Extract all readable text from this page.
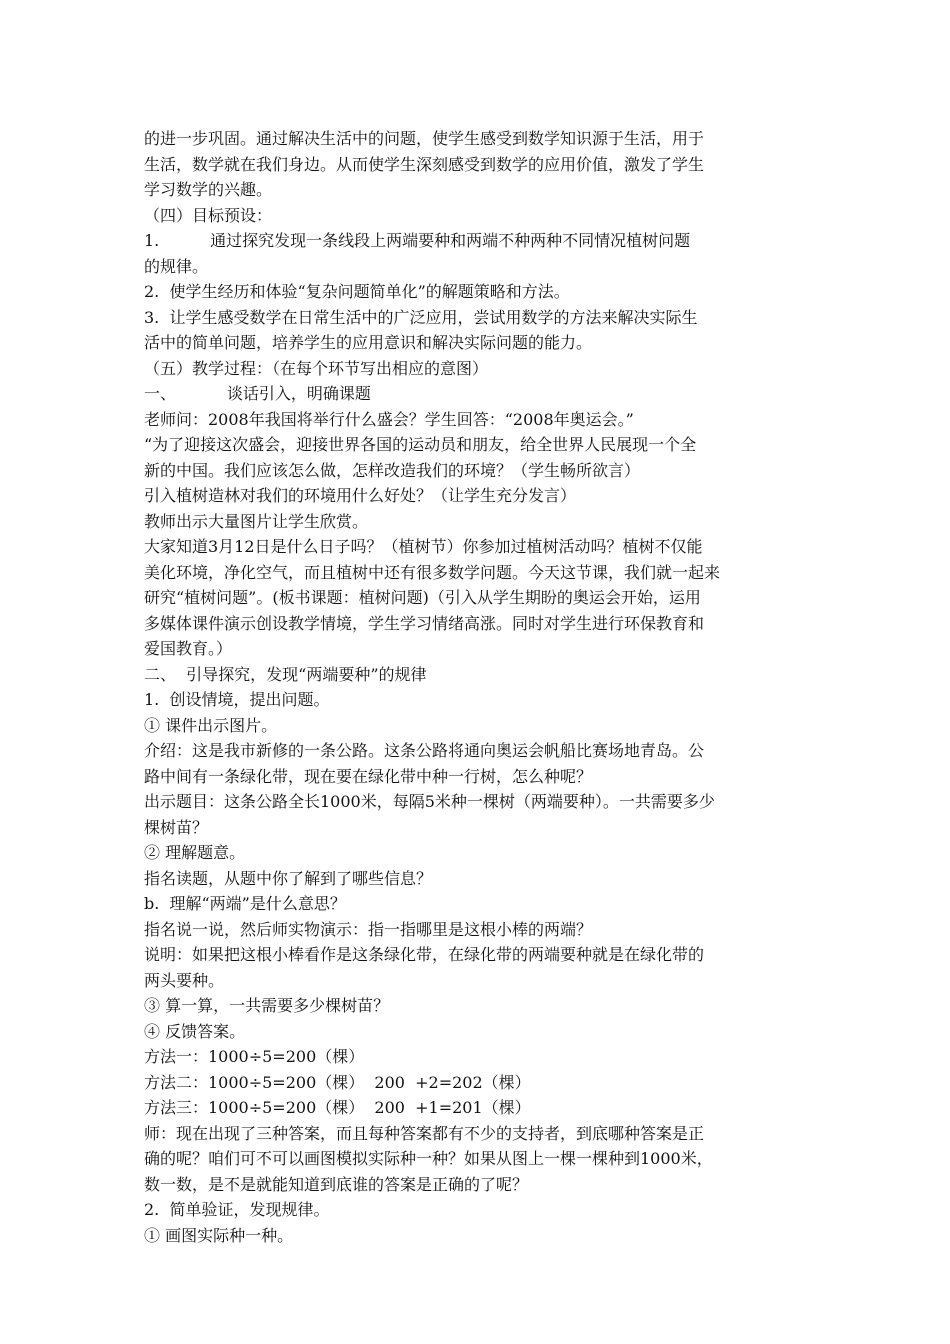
的进一步巩固。通过解决生活中的问题，使学生感受到数学知识源于生活，用于
生活，数学就在我们身边。从而使学生深刻感受到数学的应用价值，激发了学生
学习数学的兴趣。
（四）目标预设：
1.          通过探究发现一条线段上两端要种和两端不种两种不同情况植树问题
的规律。
2.  使学生经历和体验“复杂问题简单化”的解题策略和方法。
3.  让学生感受数学在日常生活中的广泛应用，尝试用数学的方法来解决实际生
活中的简单问题，培养学生的应用意识和解决实际问题的能力。
（五）教学过程：（在每个环节写出相应的意图）
一、          谈话引入，明确课题
老师问：2008年我国将举行什么盛会？学生回答：“2008年奥运会。”
“为了迎接这次盛会，迎接世界各国的运动员和朋友，给全世界人民展现一个全
新的中国。我们应该怎么做，怎样改造我们的环境？（学生畅所欲言）
引入植树造林对我们的环境用什么好处？（让学生充分发言）
教师出示大量图片让学生欣赏。
大家知道3月12日是什么日子吗？（植树节）你参加过植树活动吗？植树不仅能
美化环境，净化空气，而且植树中还有很多数学问题。今天这节课，我们就一起来
研究“植树问题”。(板书课题：植树问题)（引入从学生期盼的奥运会开始，运用
多媒体课件演示创设教学情境，学生学习情绪高涨。同时对学生进行环保教育和
爱国教育。）
二、  引导探究，发现“两端要种”的规律
1.  创设情境，提出问题。
① 课件出示图片。
介绍：这是我市新修的一条公路。这条公路将通向奥运会帆船比赛场地青岛。公
路中间有一条绿化带，现在要在绿化带中种一行树，怎么种呢？
出示题目：这条公路全长1000米，每隔5米种一棵树（两端要种）。一共需要多少
棵树苗？
② 理解题意。
指名读题，从题中你了解到了哪些信息？
b.  理解“两端”是什么意思？
指名说一说，然后师实物演示：指一指哪里是这根小棒的两端？
说明：如果把这根小棒看作是这条绿化带，在绿化带的两端要种就是在绿化带的
两头要种。
③ 算一算，一共需要多少棵树苗？
④ 反馈答案。
方法一：1000÷5=200（棵）
方法二：1000÷5=200（棵）  200  +2=202（棵）
方法三：1000÷5=200（棵）  200  +1=201（棵）
师：现在出现了三种答案，而且每种答案都有不少的支持者，到底哪种答案是正
确的呢？咱们可不可以画图模拟实际种一种？如果从图上一棵一棵种到1000米，
数一数，是不是就能知道到底谁的答案是正确的了呢？
2.  简单验证，发现规律。
① 画图实际种一种。
